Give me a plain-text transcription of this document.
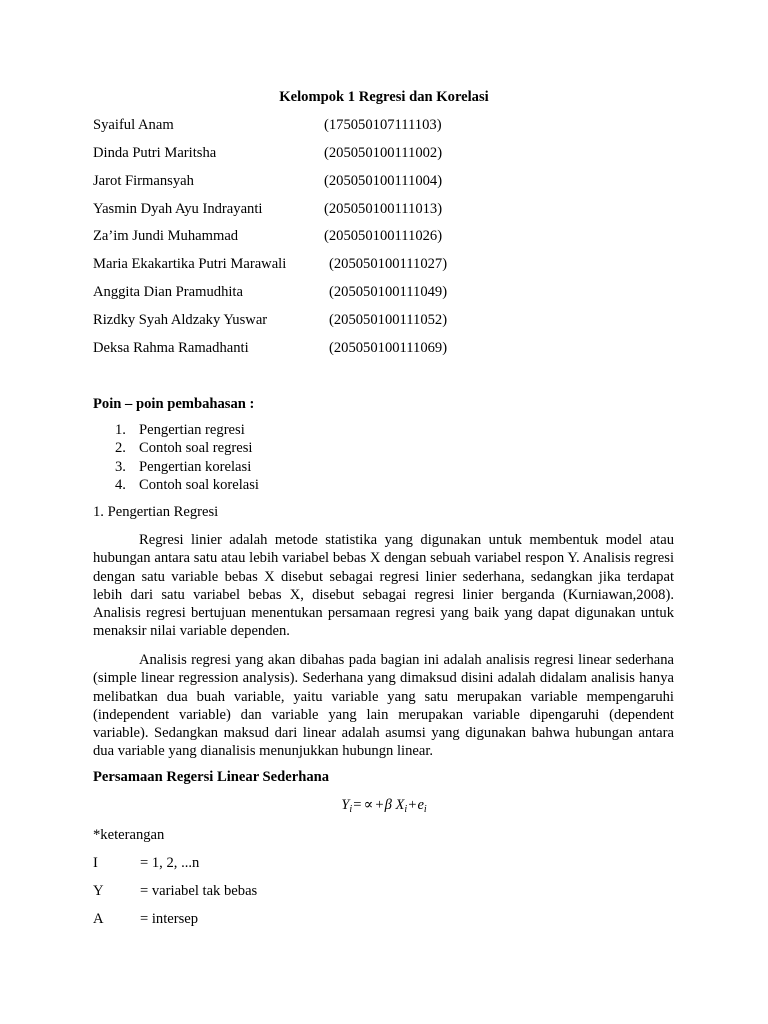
Kelompok 1 Regresi dan Korelasi
Syaiful Anam	(175050107111103)
Dinda Putri Maritsha	(205050100111002)
Jarot Firmansyah	(205050100111004)
Yasmin Dyah Ayu Indrayanti	(205050100111013)
Za’im Jundi Muhammad	(205050100111026)
Maria Ekakartika Putri Marawali	(205050100111027)
Anggita Dian Pramudhita	(205050100111049)
Rizdky Syah Aldzaky Yuswar	(205050100111052)
Deksa Rahma Ramadhanti	(205050100111069)
Poin – poin pembahasan :
1. Pengertian regresi
2. Contoh soal regresi
3. Pengertian korelasi
4. Contoh soal korelasi
1. Pengertian Regresi
Regresi linier adalah metode statistika yang digunakan untuk membentuk model atau hubungan antara satu atau lebih variabel bebas X dengan sebuah variabel respon Y. Analisis regresi dengan satu variable bebas X disebut sebagai regresi linier sederhana, sedangkan jika terdapat lebih dari satu variabel bebas X, disebut sebagai regresi linier berganda (Kurniawan,2008). Analisis regresi bertujuan menentukan persamaan regresi yang baik yang dapat digunakan untuk menaksir nilai variable dependen.
Analisis regresi yang akan dibahas pada bagian ini adalah analisis regresi linear sederhana (simple linear regression analysis). Sederhana yang dimaksud disini adalah didalam analisis hanya melibatkan dua buah variable, yaitu variable yang satu merupakan variable mempengaruhi (independent variable) dan variable yang lain merupakan variable dipengaruhi (dependent variable). Sedangkan maksud dari linear adalah asumsi yang digunakan bahwa hubungan antara dua variable yang dianalisis menunjukkan hubungn linear.
Persamaan Regersi Linear Sederhana
$Y_i= \propto +\beta$ $X_i+e_i$
*keterangan
I	= 1, 2, ...n
Y = variabel tak bebas
A = intersep
